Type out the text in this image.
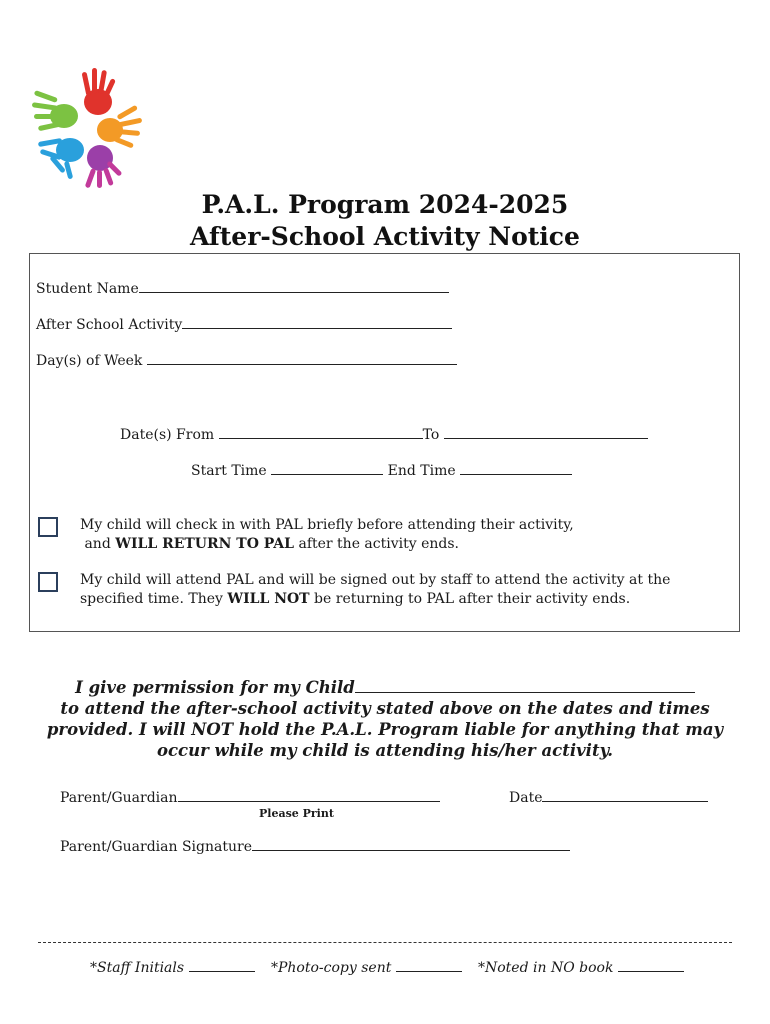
P.A.L. Program 2024-2025
After-School Activity Notice
Student Name
After School Activity
Day(s) of Week
Date(s) From	To
Start Time	End Time
My child will check in with PAL briefly before attending their activity,
and WILL RETURN TO PAL after the activity ends.
My child will attend PAL and will be signed out by staff to attend the activity at the
specified time. They WILL NOT be returning to PAL after their activity ends.
I give permission for my Child
to attend the after-school activity stated above on the dates and times
provided. I will NOT hold the P.A.L. Program liable for anything that may
occur while my child is attending his/her activity.
Parent/Guardian
Please Print
Date
Parent/Guardian Signature
*Staff Initials	*Photo-copy sent	*Noted in NO book
